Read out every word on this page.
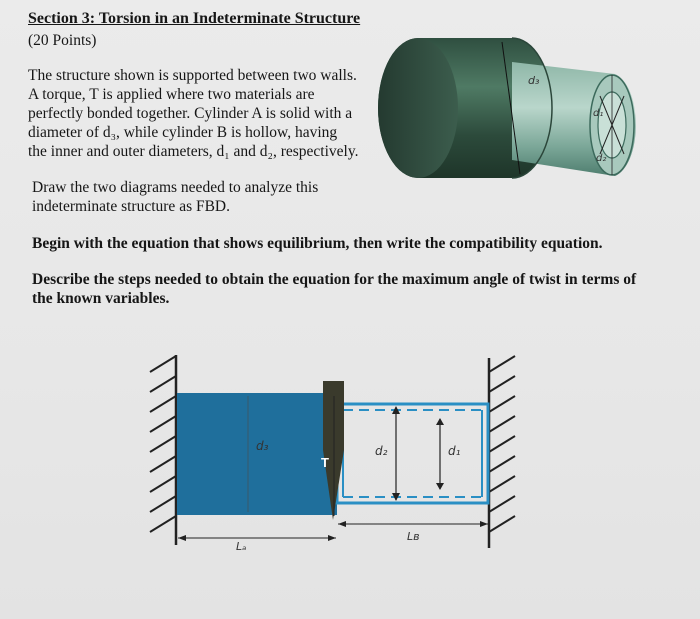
Section 3: Torsion in an Indeterminate Structure
(20 Points)
The structure shown is supported between two walls.
A torque, T is applied where two materials are
perfectly bonded together. Cylinder A is solid with a
diameter of d₃, while cylinder B is hollow, having
the inner and outer diameters, d₁ and d₂, respectively.
Draw the two diagrams needed to analyze this
indeterminate structure as FBD.
Begin with the equation that shows equilibrium, then write the compatibility equation.
Describe the steps needed to obtain the equation for the maximum angle of twist in terms of
the known variables.
d₃
d₁
d₂
d₃	d₂	d₁
T
Lₐ
Lʙ
